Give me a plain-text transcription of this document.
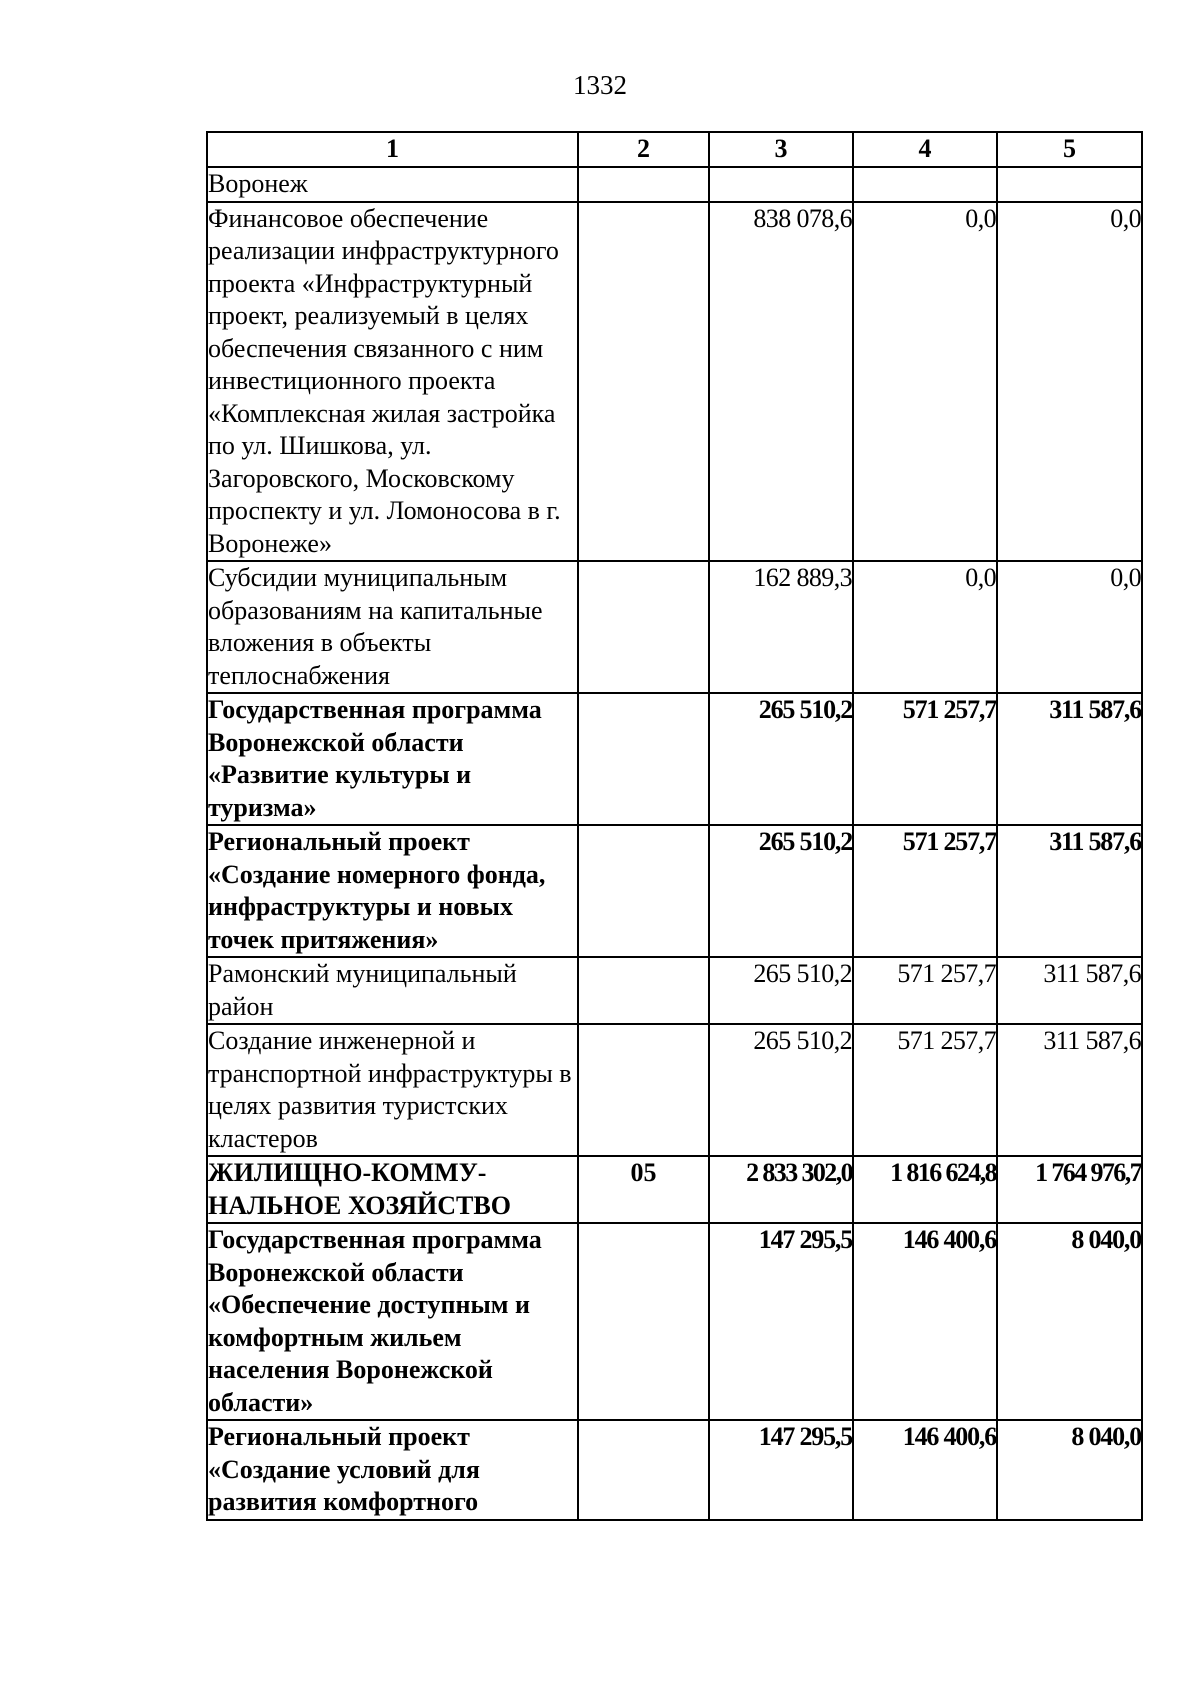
1332
1	2	3	4	5
Воронеж				
Финансовое обеспечение реализации инфраструктурного проекта «Инфраструктурный проект, реализуемый в целях обеспечения связанного с ним инвестиционного проекта «Комплексная жилая застройка по ул. Шишкова, ул. Загоровского, Московскому проспекту и ул. Ломоносова в г. Воронеже»		838 078,6	0,0	0,0
Субсидии муниципальным образованиям на капитальные вложения в объекты теплоснабжения		162 889,3	0,0	0,0
Государственная программа Воронежской области «Развитие культуры и туризма»		265 510,2	571 257,7	311 587,6
Региональный проект «Создание номерного фонда, инфраструктуры и новых точек притяжения»		265 510,2	571 257,7	311 587,6
Рамонский муниципальный район		265 510,2	571 257,7	311 587,6
Создание инженерной и транспортной инфраструктуры в целях развития туристских кластеров		265 510,2	571 257,7	311 587,6
ЖИЛИЩНО-КОММУ-НАЛЬНОЕ ХОЗЯЙСТВО	05	2 833 302,0	1 816 624,8	1 764 976,7
Государственная программа Воронежской области «Обеспечение доступным и комфортным жильем населения Воронежской области»		147 295,5	146 400,6	8 040,0
Региональный проект «Создание условий для развития комфортного		147 295,5	146 400,6	8 040,0
